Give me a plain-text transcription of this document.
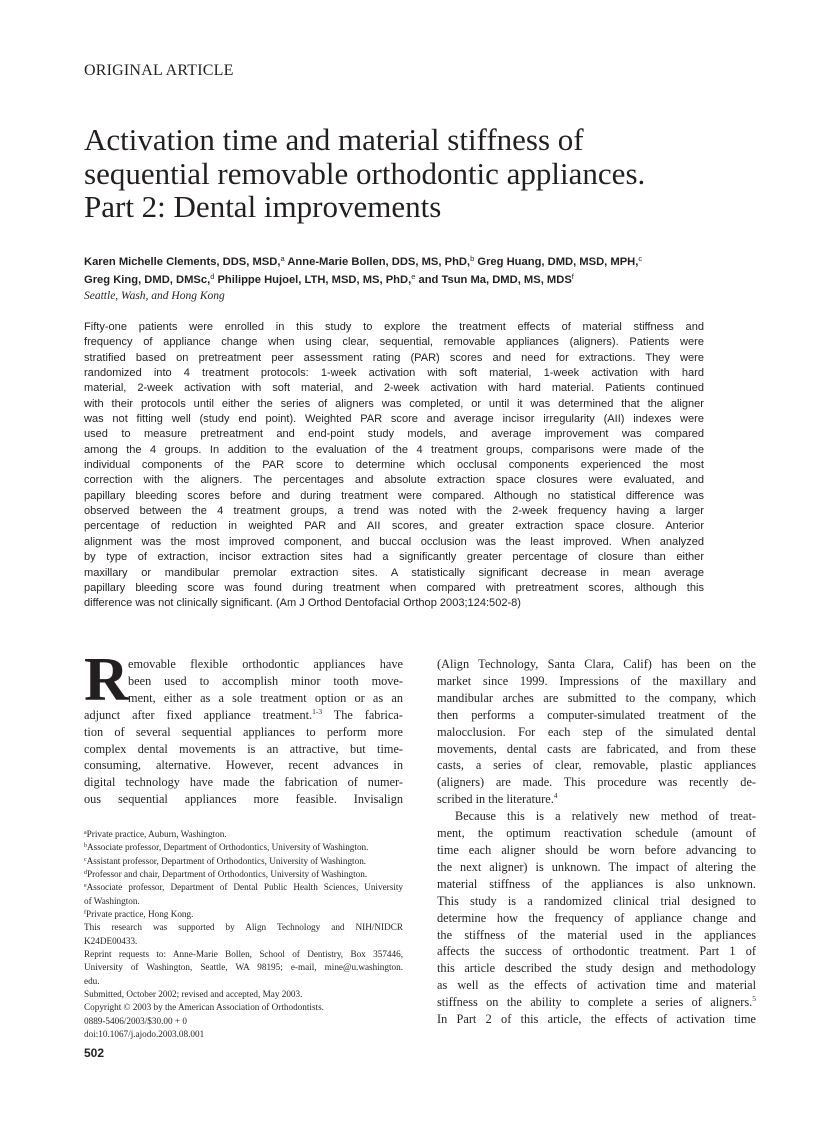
ORIGINAL ARTICLE
Activation time and material stiffness of
sequential removable orthodontic appliances.
Part 2: Dental improvements
Karen Michelle Clements, DDS, MSD,$^a$ Anne-Marie Bollen, DDS, MS, PhD,$^b$ Greg Huang, DMD, MSD, MPH,$^c$
Greg King, DMD, DMSc,$^d$ Philippe Hujoel, LTH, MSD, MS, PhD,$^e$ and Tsun Ma, DMD, MS, MDS$^f$
Seattle, Wash, and Hong Kong
Fifty-one patients were enrolled in this study to explore the treatment effects of material stiffness and
frequency of appliance change when using clear, sequential, removable appliances (aligners). Patients were
stratified based on pretreatment peer assessment rating (PAR) scores and need for extractions. They were
randomized into 4 treatment protocols: 1-week activation with soft material, 1-week activation with hard
material, 2-week activation with soft material, and 2-week activation with hard material. Patients continued
with their protocols until either the series of aligners was completed, or until it was determined that the aligner
was not fitting well (study end point). Weighted PAR score and average incisor irregularity (AII) indexes were
used to measure pretreatment and end-point study models, and average improvement was compared
among the 4 groups. In addition to the evaluation of the 4 treatment groups, comparisons were made of the
individual components of the PAR score to determine which occlusal components experienced the most
correction with the aligners. The percentages and absolute extraction space closures were evaluated, and
papillary bleeding scores before and during treatment were compared. Although no statistical difference was
observed between the 4 treatment groups, a trend was noted with the 2-week frequency having a larger
percentage of reduction in weighted PAR and AII scores, and greater extraction space closure. Anterior
alignment was the most improved component, and buccal occlusion was the least improved. When analyzed
by type of extraction, incisor extraction sites had a significantly greater percentage of closure than either
maxillary or mandibular premolar extraction sites. A statistically significant decrease in mean average
papillary bleeding score was found during treatment when compared with pretreatment scores, although this
difference was not clinically significant. (Am J Orthod Dentofacial Orthop 2003;124:502-8)
R emovable flexible orthodontic appliances have
been used to accomplish minor tooth move-
ment, either as a sole treatment option or as an
adjunct after fixed appliance treatment.$^{1-3}$ The fabrica-
tion of several sequential appliances to perform more
complex dental movements is an attractive, but time-
consuming, alternative. However, recent advances in
digital technology have made the fabrication of numer-
ous sequential appliances more feasible. Invisalign
$^a$Private practice, Auburn, Washington.
$^b$Associate professor, Department of Orthodontics, University of Washington.
$^c$Assistant professor, Department of Orthodontics, University of Washington.
$^d$Professor and chair, Department of Orthodontics, University of Washington.
$^e$Associate professor, Department of Dental Public Health Sciences, University
of Washington.
$^f$Private practice, Hong Kong.
This research was supported by Align Technology and NIH/NIDCR
K24DE00433.
Reprint requests to: Anne-Marie Bollen, School of Dentistry, Box 357446,
University of Washington, Seattle, WA 98195; e-mail, mine@u.washington.
edu.
Submitted, October 2002; revised and accepted, May 2003.
Copyright © 2003 by the American Association of Orthodontists.
0889-5406/2003/$30.00 + 0
doi:10.1067/j.ajodo.2003.08.001
(Align Technology, Santa Clara, Calif) has been on the
market since 1999. Impressions of the maxillary and
mandibular arches are submitted to the company, which
then performs a computer-simulated treatment of the
malocclusion. For each step of the simulated dental
movements, dental casts are fabricated, and from these
casts, a series of clear, removable, plastic appliances
(aligners) are made. This procedure was recently de-
scribed in the literature.$^4$
Because this is a relatively new method of treat-
ment, the optimum reactivation schedule (amount of
time each aligner should be worn before advancing to
the next aligner) is unknown. The impact of altering the
material stiffness of the appliances is also unknown.
This study is a randomized clinical trial designed to
determine how the frequency of appliance change and
the stiffness of the material used in the appliances
affects the success of orthodontic treatment. Part 1 of
this article described the study design and methodology
as well as the effects of activation time and material
stiffness on the ability to complete a series of aligners.$^5$
In Part 2 of this article, the effects of activation time
502
